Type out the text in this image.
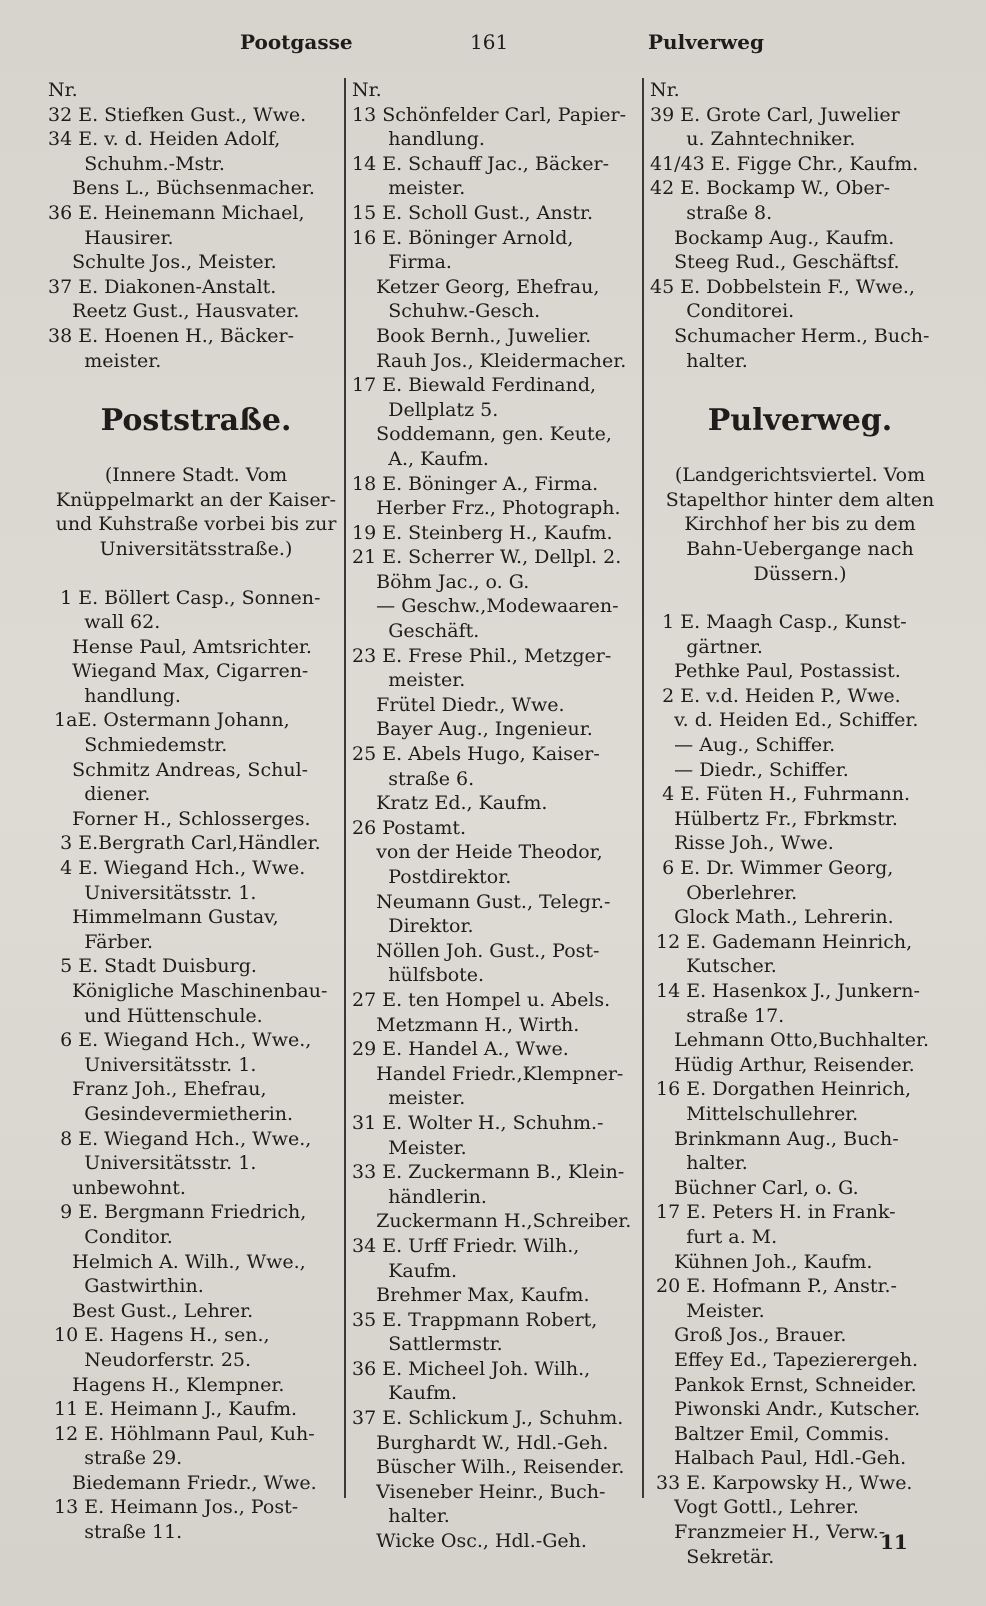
Pootgasse	161	Pulverweg
Nr.
32 E. Stiefken Gust., Wwe.
34 E. v. d. Heiden Adolf,
Schuhm.-Mstr.
Bens L., Büchsenmacher.
36 E. Heinemann Michael,
Hausirer.
Schulte Jos., Meister.
37 E. Diakonen-Anstalt.
Reetz Gust., Hausvater.
38 E. Hoenen H., Bäcker-
meister.
Poststraße.
(Innere Stadt. Vom
Knüppelmarkt an der Kaiser-
und Kuhstraße vorbei bis zur
Universitätsstraße.)
1 E. Böllert Casp., Sonnen-
wall 62.
Hense Paul, Amtsrichter.
Wiegand Max, Cigarren-
handlung.
1aE. Ostermann Johann,
Schmiedemstr.
Schmitz Andreas, Schul-
diener.
Forner H., Schlosserges.
3 E.Bergrath Carl,Händler.
4 E. Wiegand Hch., Wwe.
Universitätsstr. 1.
Himmelmann Gustav,
Färber.
5 E. Stadt Duisburg.
Königliche Maschinenbau-
und Hüttenschule.
6 E. Wiegand Hch., Wwe.,
Universitätsstr. 1.
Franz Joh., Ehefrau,
Gesindevermietherin.
8 E. Wiegand Hch., Wwe.,
Universitätsstr. 1.
unbewohnt.
9 E. Bergmann Friedrich,
Conditor.
Helmich A. Wilh., Wwe.,
Gastwirthin.
Best Gust., Lehrer.
10 E. Hagens H., sen.,
Neudorferstr. 25.
Hagens H., Klempner.
11 E. Heimann J., Kaufm.
12 E. Höhlmann Paul, Kuh-
straße 29.
Biedemann Friedr., Wwe.
13 E. Heimann Jos., Post-
straße 11.
Nr.
13 Schönfelder Carl, Papier-
handlung.
14 E. Schauff Jac., Bäcker-
meister.
15 E. Scholl Gust., Anstr.
16 E. Böninger Arnold,
Firma.
Ketzer Georg, Ehefrau,
Schuhw.-Gesch.
Book Bernh., Juwelier.
Rauh Jos., Kleidermacher.
17 E. Biewald Ferdinand,
Dellplatz 5.
Soddemann, gen. Keute,
A., Kaufm.
18 E. Böninger A., Firma.
Herber Frz., Photograph.
19 E. Steinberg H., Kaufm.
21 E. Scherrer W., Dellpl. 2.
Böhm Jac., o. G.
— Geschw.,Modewaaren-
Geschäft.
23 E. Frese Phil., Metzger-
meister.
Frütel Diedr., Wwe.
Bayer Aug., Ingenieur.
25 E. Abels Hugo, Kaiser-
straße 6.
Kratz Ed., Kaufm.
26 Postamt.
von der Heide Theodor,
Postdirektor.
Neumann Gust., Telegr.-
Direktor.
Nöllen Joh. Gust., Post-
hülfsbote.
27 E. ten Hompel u. Abels.
Metzmann H., Wirth.
29 E. Handel A., Wwe.
Handel Friedr.,Klempner-
meister.
31 E. Wolter H., Schuhm.-
Meister.
33 E. Zuckermann B., Klein-
händlerin.
Zuckermann H.,Schreiber.
34 E. Urff Friedr. Wilh.,
Kaufm.
Brehmer Max, Kaufm.
35 E. Trappmann Robert,
Sattlermstr.
36 E. Micheel Joh. Wilh.,
Kaufm.
37 E. Schlickum J., Schuhm.
Burghardt W., Hdl.-Geh.
Büscher Wilh., Reisender.
Viseneber Heinr., Buch-
halter.
Wicke Osc., Hdl.-Geh.
Nr.
39 E. Grote Carl, Juwelier
u. Zahntechniker.
41/43 E. Figge Chr., Kaufm.
42 E. Bockamp W., Ober-
straße 8.
Bockamp Aug., Kaufm.
Steeg Rud., Geschäftsf.
45 E. Dobbelstein F., Wwe.,
Conditorei.
Schumacher Herm., Buch-
halter.
Pulverweg.
(Landgerichtsviertel. Vom
Stapelthor hinter dem alten
Kirchhof her bis zu dem
Bahn-Uebergange nach
Düssern.)
1 E. Maagh Casp., Kunst-
gärtner.
Pethke Paul, Postassist.
2 E. v.d. Heiden P., Wwe.
v. d. Heiden Ed., Schiffer.
— Aug., Schiffer.
— Diedr., Schiffer.
4 E. Füten H., Fuhrmann.
Hülbertz Fr., Fbrkmstr.
Risse Joh., Wwe.
6 E. Dr. Wimmer Georg,
Oberlehrer.
Glock Math., Lehrerin.
12 E. Gademann Heinrich,
Kutscher.
14 E. Hasenkox J., Junkern-
straße 17.
Lehmann Otto,Buchhalter.
Hüdig Arthur, Reisender.
16 E. Dorgathen Heinrich,
Mittelschullehrer.
Brinkmann Aug., Buch-
halter.
Büchner Carl, o. G.
17 E. Peters H. in Frank-
furt a. M.
Kühnen Joh., Kaufm.
20 E. Hofmann P., Anstr.-
Meister.
Groß Jos., Brauer.
Effey Ed., Tapezierergeh.
Pankok Ernst, Schneider.
Piwonski Andr., Kutscher.
Baltzer Emil, Commis.
Halbach Paul, Hdl.-Geh.
33 E. Karpowsky H., Wwe.
Vogt Gottl., Lehrer.
Franzmeier H., Verw.-
Sekretär.
11
